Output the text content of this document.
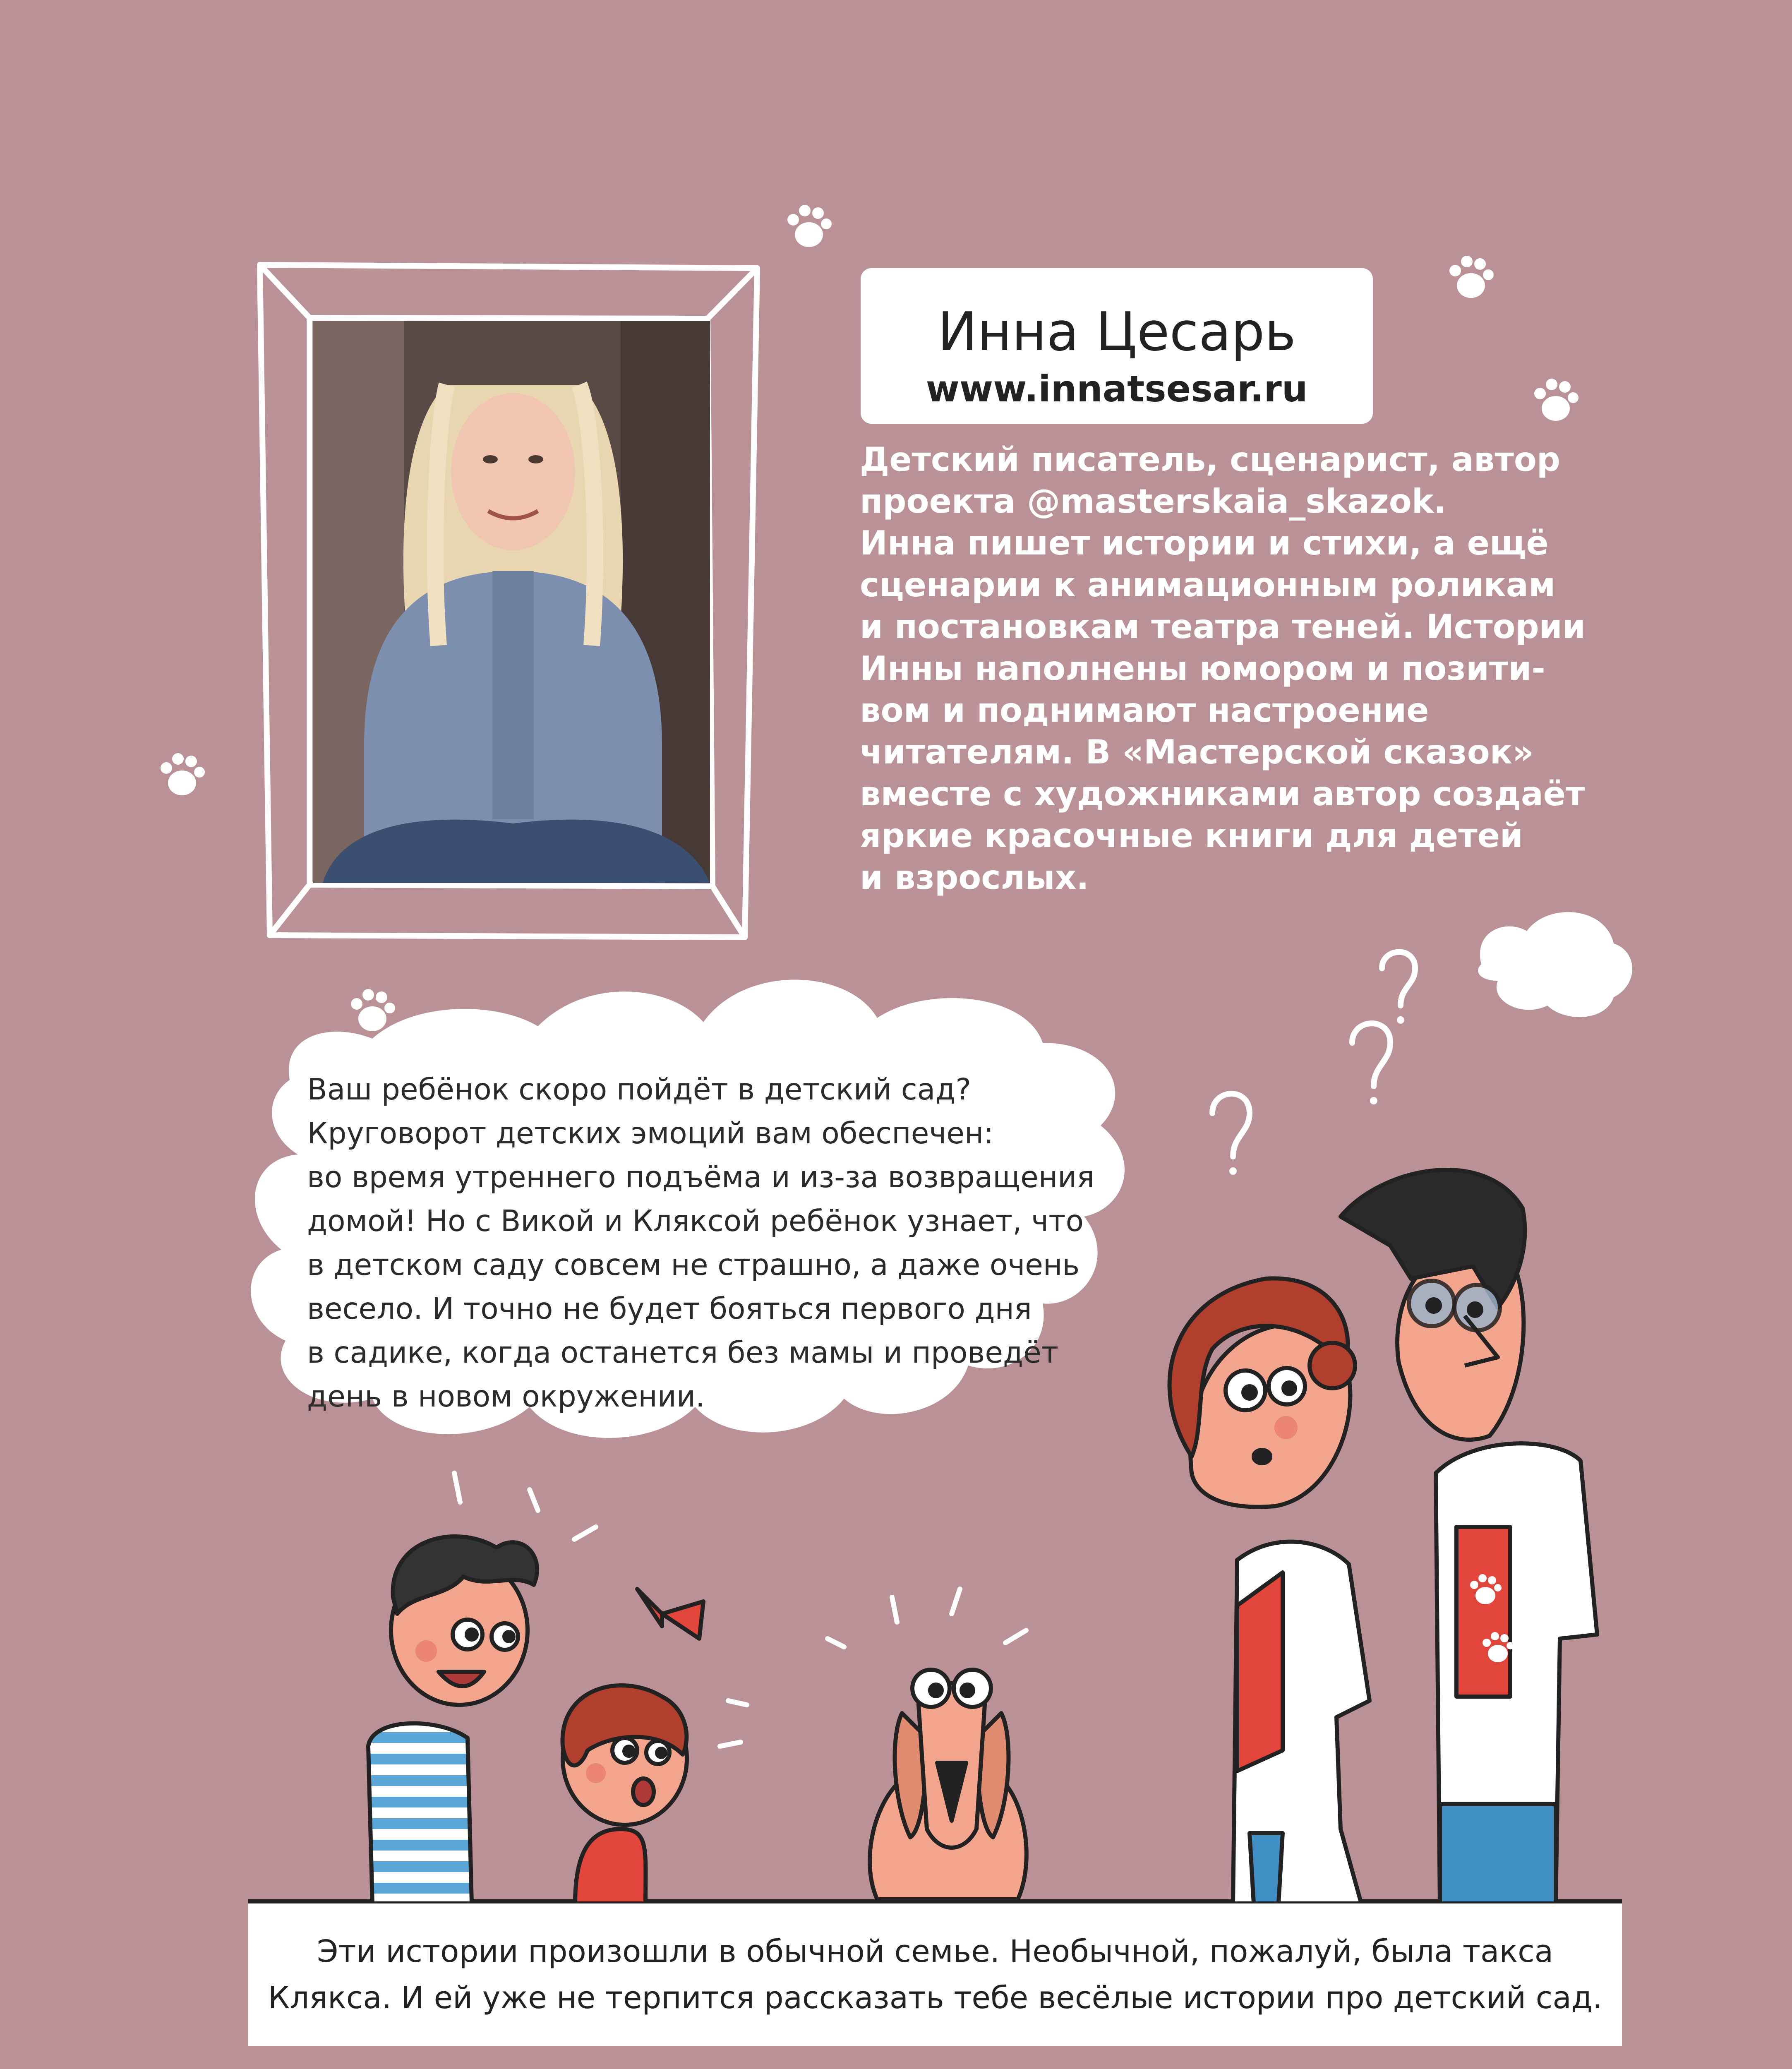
Инна Цесарь
www.innatsesar.ru
Детский писатель, сценарист, автор
проекта @masterskaia_skazok.
Инна пишет истории и стихи, а ещё
сценарии к анимационным роликам
и постановкам театра теней. Истории
Инны наполнены юмором и позити-
вом и поднимают настроение
читателям. В «Мастерской сказок»
вместе с художниками автор создаёт
яркие красочные книги для детей
и взрослых.
Ваш ребёнок скоро пойдёт в детский сад?
Круговорот детских эмоций вам обеспечен:
во время утреннего подъёма и из-за возвращения
домой! Но с Викой и Кляксой ребёнок узнает, что
в детском саду совсем не страшно, а даже очень
весело. И точно не будет бояться первого дня
в садике, когда останется без мамы и проведёт
день в новом окружении.
Эти истории произошли в обычной семье. Необычной, пожалуй, была такса
Клякса. И ей уже не терпится рассказать тебе весёлые истории про детский сад.
